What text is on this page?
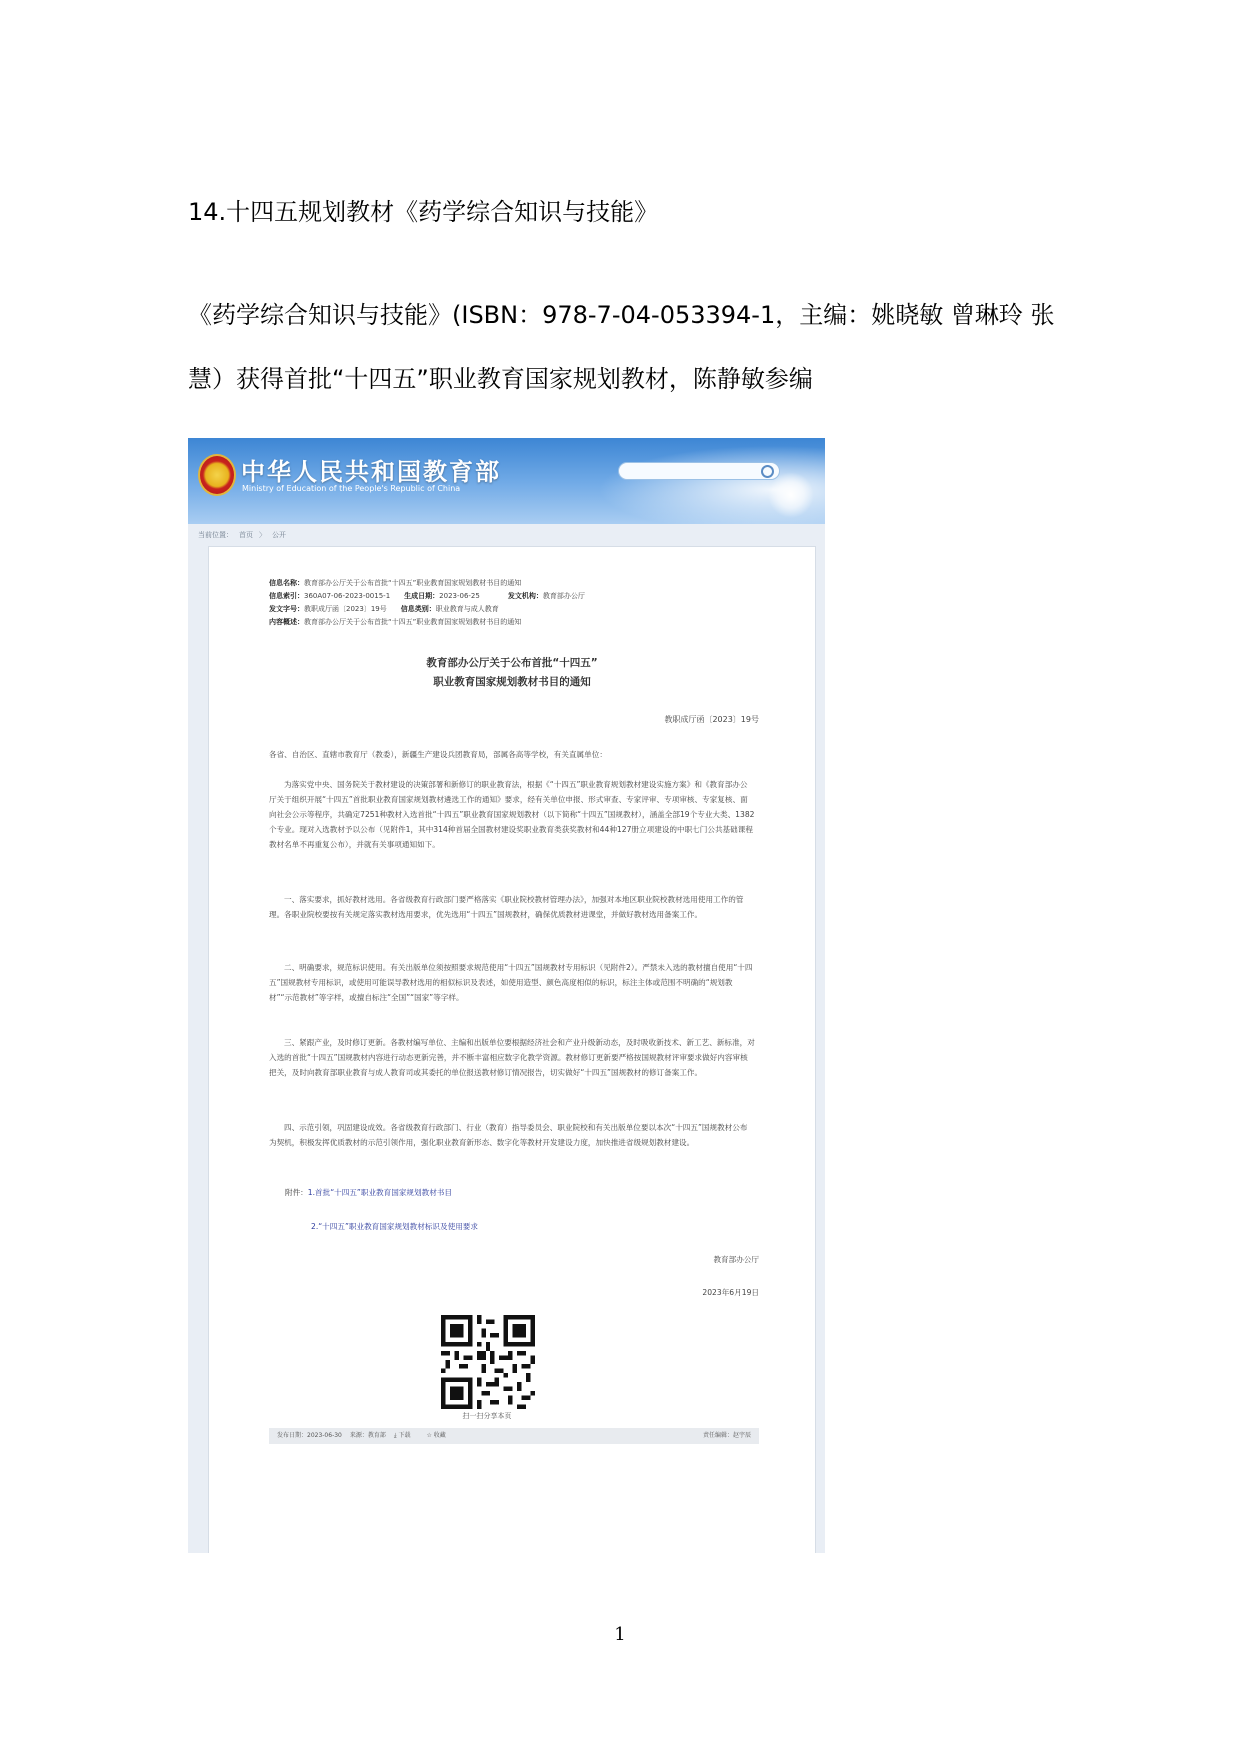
14.十四五规划教材《药学综合知识与技能》
《药学综合知识与技能》(ISBN：978-7-04-053394-1，主编：姚晓敏 曾琳玲 张慧）获得首批“十四五”职业教育国家规划教材，陈静敏参编
中华人民共和国教育部
Ministry of Education of the People's Republic of China
当前位置： 首页 〉 公开
信息名称：教育部办公厅关于公布首批“十四五”职业教育国家规划教材书目的通知
信息索引：360A07-06-2023-0015-1 生成日期：2023-06-25	发文机构：教育部办公厅
发文字号：教职成厅函〔2023〕19号 信息类别：职业教育与成人教育
内容概述：教育部办公厅关于公布首批“十四五”职业教育国家规划教材书目的通知
教育部办公厅关于公布首批“十四五”
职业教育国家规划教材书目的通知
教职成厅函〔2023〕19号
各省、自治区、直辖市教育厅（教委），新疆生产建设兵团教育局，部属各高等学校，有关直属单位：
为落实党中央、国务院关于教材建设的决策部署和新修订的职业教育法，根据《“十四五”职业教育规划教材建设实施方案》和《教育部办公厅关于组织开展“十四五”首批职业教育国家规划教材遴选工作的通知》要求，经有关单位申报、形式审查、专家评审、专项审核、专家复核、面向社会公示等程序，共确定7251种教材入选首批“十四五”职业教育国家规划教材（以下简称“十四五”国规教材），涵盖全部19个专业大类、1382个专业。现对入选教材予以公布（见附件1，其中314种首届全国教材建设奖职业教育类获奖教材和44种127册立项建设的中职七门公共基础课程教材名单不再重复公布），并就有关事项通知如下。
一、落实要求，抓好教材选用。各省级教育行政部门要严格落实《职业院校教材管理办法》，加强对本地区职业院校教材选用使用工作的管理。各职业院校要按有关规定落实教材选用要求，优先选用“十四五”国规教材，确保优质教材进课堂，并做好教材选用备案工作。
二、明确要求，规范标识使用。有关出版单位须按照要求规范使用“十四五”国规教材专用标识（见附件2）。严禁未入选的教材擅自使用“十四五”国规教材专用标识，或使用可能误导教材选用的相似标识及表述，如使用造型、颜色高度相似的标识，标注主体或范围不明确的“规划教材”“示范教材”等字样，或擅自标注“全国”“国家”等字样。
三、紧跟产业，及时修订更新。各教材编写单位、主编和出版单位要根据经济社会和产业升级新动态，及时吸收新技术、新工艺、新标准，对入选的首批“十四五”国规教材内容进行动态更新完善，并不断丰富相应数字化教学资源。教材修订更新要严格按国规教材评审要求做好内容审核把关，及时向教育部职业教育与成人教育司或其委托的单位报送教材修订情况报告，切实做好“十四五”国规教材的修订备案工作。
四、示范引领，巩固建设成效。各省级教育行政部门、行业（教育）指导委员会、职业院校和有关出版单位要以本次“十四五”国规教材公布为契机，积极发挥优质教材的示范引领作用，强化职业教育新形态、数字化等教材开发建设力度，加快推进省级规划教材建设。
附件：1.首批“十四五”职业教育国家规划教材书目
2.“十四五”职业教育国家规划教材标识及使用要求
教育部办公厅
2023年6月19日
扫一扫分享本页
发布日期：2023-06-30 来源：教育部 ⤓ 下载	☆ 收藏	责任编辑：赵宇辰
1
